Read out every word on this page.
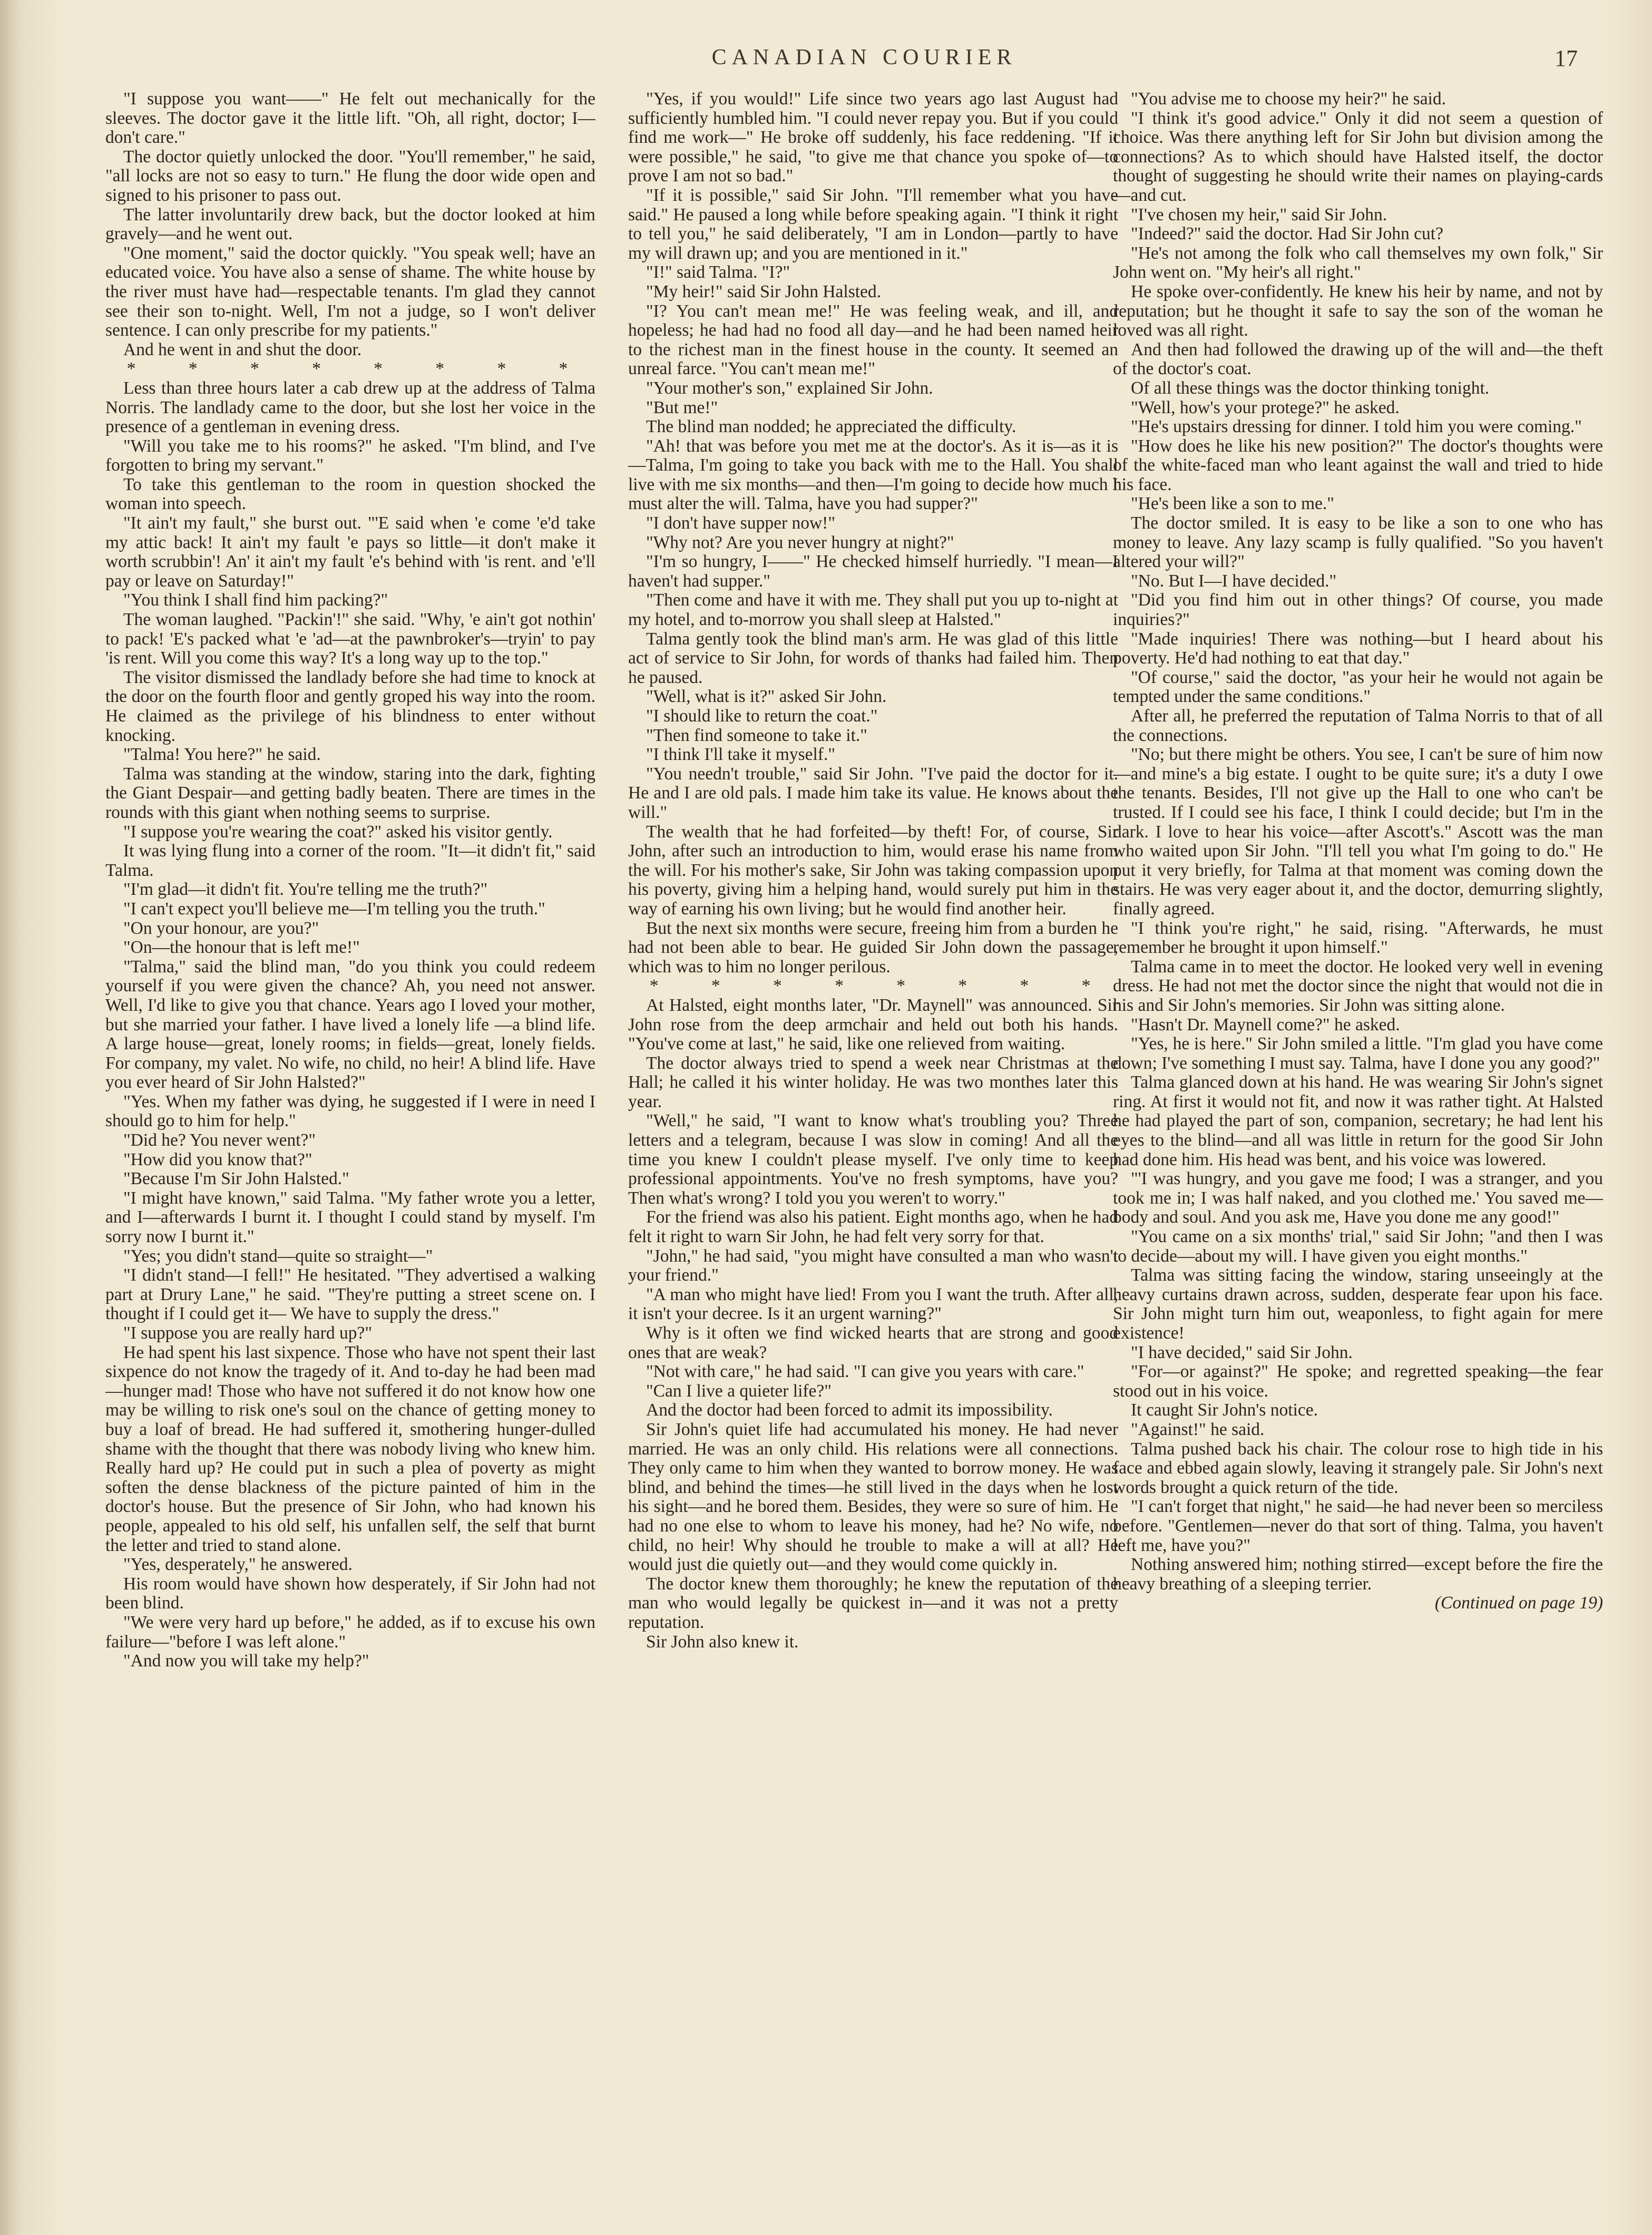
CANADIAN COURIER	17

"I suppose you want——" He felt out mechanically for the sleeves. The doctor gave it the little lift. "Oh, all right, doctor; I—don't care."

The doctor quietly unlocked the door. "You'll remember," he said, "all locks are not so easy to turn." He flung the door wide open and signed to his prisoner to pass out.

The latter involuntarily drew back, but the doctor looked at him gravely—and he went out.

"One moment," said the doctor quickly. "You speak well; have an educated voice. You have also a sense of shame. The white house by the river must have had—respectable tenants. I'm glad they cannot see their son to-night. Well, I'm not a judge, so I won't deliver sentence. I can only prescribe for my patients."

And he went in and shut the door.

* * * * * * * *

Less than three hours later a cab drew up at the address of Talma Norris. The landlady came to the door, but she lost her voice in the presence of a gentleman in evening dress.

"Will you take me to his rooms?" he asked. "I'm blind, and I've forgotten to bring my servant."

To take this gentleman to the room in question shocked the woman into speech.

"It ain't my fault," she burst out. "'E said when 'e come 'e'd take my attic back! It ain't my fault 'e pays so little—it don't make it worth scrubbin'! An' it ain't my fault 'e's behind with 'is rent. and 'e'll pay or leave on Saturday!"

"You think I shall find him packing?"

The woman laughed. "Packin'!" she said. "Why, 'e ain't got nothin' to pack! 'E's packed what 'e 'ad—at the pawnbroker's—tryin' to pay 'is rent. Will you come this way? It's a long way up to the top."

The visitor dismissed the landlady before she had time to knock at the door on the fourth floor and gently groped his way into the room. He claimed as the privilege of his blindness to enter without knocking.

"Talma! You here?" he said.

Talma was standing at the window, staring into the dark, fighting the Giant Despair—and getting badly beaten. There are times in the rounds with this giant when nothing seems to surprise.

"I suppose you're wearing the coat?" asked his visitor gently.

It was lying flung into a corner of the room. "It—it didn't fit," said Talma.

"I'm glad—it didn't fit. You're telling me the truth?"

"I can't expect you'll believe me—I'm telling you the truth."

"On your honour, are you?"

"On—the honour that is left me!"

"Talma," said the blind man, "do you think you could redeem yourself if you were given the chance? Ah, you need not answer. Well, I'd like to give you that chance. Years ago I loved your mother, but she married your father. I have lived a lonely life —a blind life. A large house—great, lonely rooms; in fields—great, lonely fields. For company, my valet. No wife, no child, no heir! A blind life. Have you ever heard of Sir John Halsted?"

"Yes. When my father was dying, he suggested if I were in need I should go to him for help."

"Did he? You never went?"

"How did you know that?"

"Because I'm Sir John Halsted."

"I might have known," said Talma. "My father wrote you a letter, and I—afterwards I burnt it. I thought I could stand by myself. I'm sorry now I burnt it."

"Yes; you didn't stand—quite so straight—"

"I didn't stand—I fell!" He hesitated. "They advertised a walking part at Drury Lane," he said. "They're putting a street scene on. I thought if I could get it— We have to supply the dress."

"I suppose you are really hard up?"

He had spent his last sixpence. Those who have not spent their last sixpence do not know the tragedy of it. And to-day he had been mad—hunger mad! Those who have not suffered it do not know how one may be willing to risk one's soul on the chance of getting money to buy a loaf of bread. He had suffered it, smothering hunger-dulled shame with the thought that there was nobody living who knew him. Really hard up? He could put in such a plea of poverty as might soften the dense blackness of the picture painted of him in the doctor's house. But the presence of Sir John, who had known his people, appealed to his old self, his unfallen self, the self that burnt the letter and tried to stand alone.

"Yes, desperately," he answered.

His room would have shown how desperately, if Sir John had not been blind.

"We were very hard up before," he added, as if to excuse his own failure—"before I was left alone."

"And now you will take my help?"

"Yes, if you would!" Life since two years ago last August had sufficiently humbled him. "I could never repay you. But if you could find me work—" He broke off suddenly, his face reddening. "If it were possible," he said, "to give me that chance you spoke of—to prove I am not so bad."

"If it is possible," said Sir John. "I'll remember what you have said." He paused a long while before speaking again. "I think it right to tell you," he said deliberately, "I am in London—partly to have my will drawn up; and you are mentioned in it."

"I!" said Talma. "I?"

"My heir!" said Sir John Halsted.

"I? You can't mean me!" He was feeling weak, and ill, and hopeless; he had had no food all day—and he had been named heir to the richest man in the finest house in the county. It seemed an unreal farce. "You can't mean me!"

"Your mother's son," explained Sir John.

"But me!"

The blind man nodded; he appreciated the difficulty.

"Ah! that was before you met me at the doctor's. As it is—as it is—Talma, I'm going to take you back with me to the Hall. You shall live with me six months—and then—I'm going to decide how much I must alter the will. Talma, have you had supper?"

"I don't have supper now!"

"Why not? Are you never hungry at night?"

"I'm so hungry, I——" He checked himself hurriedly. "I mean—I haven't had supper."

"Then come and have it with me. They shall put you up to-night at my hotel, and to-morrow you shall sleep at Halsted."

Talma gently took the blind man's arm. He was glad of this little act of service to Sir John, for words of thanks had failed him. Then he paused.

"Well, what is it?" asked Sir John.

"I should like to return the coat."

"Then find someone to take it."

"I think I'll take it myself."

"You needn't trouble," said Sir John. "I've paid the doctor for it. He and I are old pals. I made him take its value. He knows about the will."

The wealth that he had forfeited—by theft! For, of course, Sir John, after such an introduction to him, would erase his name from the will. For his mother's sake, Sir John was taking compassion upon his poverty, giving him a helping hand, would surely put him in the way of earning his own living; but he would find another heir.

But the next six months were secure, freeing him from a burden he had not been able to bear. He guided Sir John down the passage, which was to him no longer perilous.

* * * * * * * *

At Halsted, eight months later, "Dr. Maynell" was announced. Sir John rose from the deep armchair and held out both his hands. "You've come at last," he said, like one relieved from waiting.

The doctor always tried to spend a week near Christmas at the Hall; he called it his winter holiday. He was two monthes later this year.

"Well," he said, "I want to know what's troubling you? Three letters and a telegram, because I was slow in coming! And all the time you knew I couldn't please myself. I've only time to keep professional appointments. You've no fresh symptoms, have you? Then what's wrong? I told you you weren't to worry."

For the friend was also his patient. Eight months ago, when he had felt it right to warn Sir John, he had felt very sorry for that.

"John," he had said, "you might have consulted a man who wasn't your friend."

"A man who might have lied! From you I want the truth. After all, it isn't your decree. Is it an urgent warning?"

Why is it often we find wicked hearts that are strong and good ones that are weak?

"Not with care," he had said. "I can give you years with care."

"Can I live a quieter life?"

And the doctor had been forced to admit its impossibility.

Sir John's quiet life had accumulated his money. He had never married. He was an only child. His relations were all connections. They only came to him when they wanted to borrow money. He was blind, and behind the times—he still lived in the days when he lost his sight—and he bored them. Besides, they were so sure of him. He had no one else to whom to leave his money, had he? No wife, no child, no heir! Why should he trouble to make a will at all? He would just die quietly out—and they would come quickly in.

The doctor knew them thoroughly; he knew the reputation of the man who would legally be quickest in—and it was not a pretty reputation.

Sir John also knew it.

"You advise me to choose my heir?" he said.

"I think it's good advice." Only it did not seem a question of choice. Was there anything left for Sir John but division among the connections? As to which should have Halsted itself, the doctor thought of suggesting he should write their names on playing-cards—and cut.

"I've chosen my heir," said Sir John.

"Indeed?" said the doctor. Had Sir John cut?

"He's not among the folk who call themselves my own folk," Sir John went on. "My heir's all right."

He spoke over-confidently. He knew his heir by name, and not by reputation; but he thought it safe to say the son of the woman he loved was all right.

And then had followed the drawing up of the will and—the theft of the doctor's coat.

Of all these things was the doctor thinking tonight.

"Well, how's your protege?" he asked.

"He's upstairs dressing for dinner. I told him you were coming."

"How does he like his new position?" The doctor's thoughts were of the white-faced man who leant against the wall and tried to hide his face.

"He's been like a son to me."

The doctor smiled. It is easy to be like a son to one who has money to leave. Any lazy scamp is fully qualified. "So you haven't altered your will?"

"No. But I—I have decided."

"Did you find him out in other things? Of course, you made inquiries?"

"Made inquiries! There was nothing—but I heard about his poverty. He'd had nothing to eat that day."

"Of course," said the doctor, "as your heir he would not again be tempted under the same conditions."

After all, he preferred the reputation of Talma Norris to that of all the connections.

"No; but there might be others. You see, I can't be sure of him now—and mine's a big estate. I ought to be quite sure; it's a duty I owe the tenants. Besides, I'll not give up the Hall to one who can't be trusted. If I could see his face, I think I could decide; but I'm in the dark. I love to hear his voice—after Ascott's." Ascott was the man who waited upon Sir John. "I'll tell you what I'm going to do." He put it very briefly, for Talma at that moment was coming down the stairs. He was very eager about it, and the doctor, demurring slightly, finally agreed.

"I think you're right," he said, rising. "Afterwards, he must remember he brought it upon himself."

Talma came in to meet the doctor. He looked very well in evening dress. He had not met the doctor since the night that would not die in his and Sir John's memories. Sir John was sitting alone.

"Hasn't Dr. Maynell come?" he asked.

"Yes, he is here." Sir John smiled a little. "I'm glad you have come down; I've something I must say. Talma, have I done you any good?"

Talma glanced down at his hand. He was wearing Sir John's signet ring. At first it would not fit, and now it was rather tight. At Halsted he had played the part of son, companion, secretary; he had lent his eyes to the blind—and all was little in return for the good Sir John had done him. His head was bent, and his voice was lowered.

"'I was hungry, and you gave me food; I was a stranger, and you took me in; I was half naked, and you clothed me.' You saved me—body and soul. And you ask me, Have you done me any good!"

"You came on a six months' trial," said Sir John; "and then I was to decide—about my will. I have given you eight months."

Talma was sitting facing the window, staring unseeingly at the heavy curtains drawn across, sudden, desperate fear upon his face. Sir John might turn him out, weaponless, to fight again for mere existence!

"I have decided," said Sir John.

"For—or against?" He spoke; and regretted speaking—the fear stood out in his voice.

It caught Sir John's notice.

"Against!" he said.

Talma pushed back his chair. The colour rose to high tide in his face and ebbed again slowly, leaving it strangely pale. Sir John's next words brought a quick return of the tide.

"I can't forget that night," he said—he had never been so merciless before. "Gentlemen—never do that sort of thing. Talma, you haven't left me, have you?"

Nothing answered him; nothing stirred—except before the fire the heavy breathing of a sleeping terrier.

(Continued on page 19)
